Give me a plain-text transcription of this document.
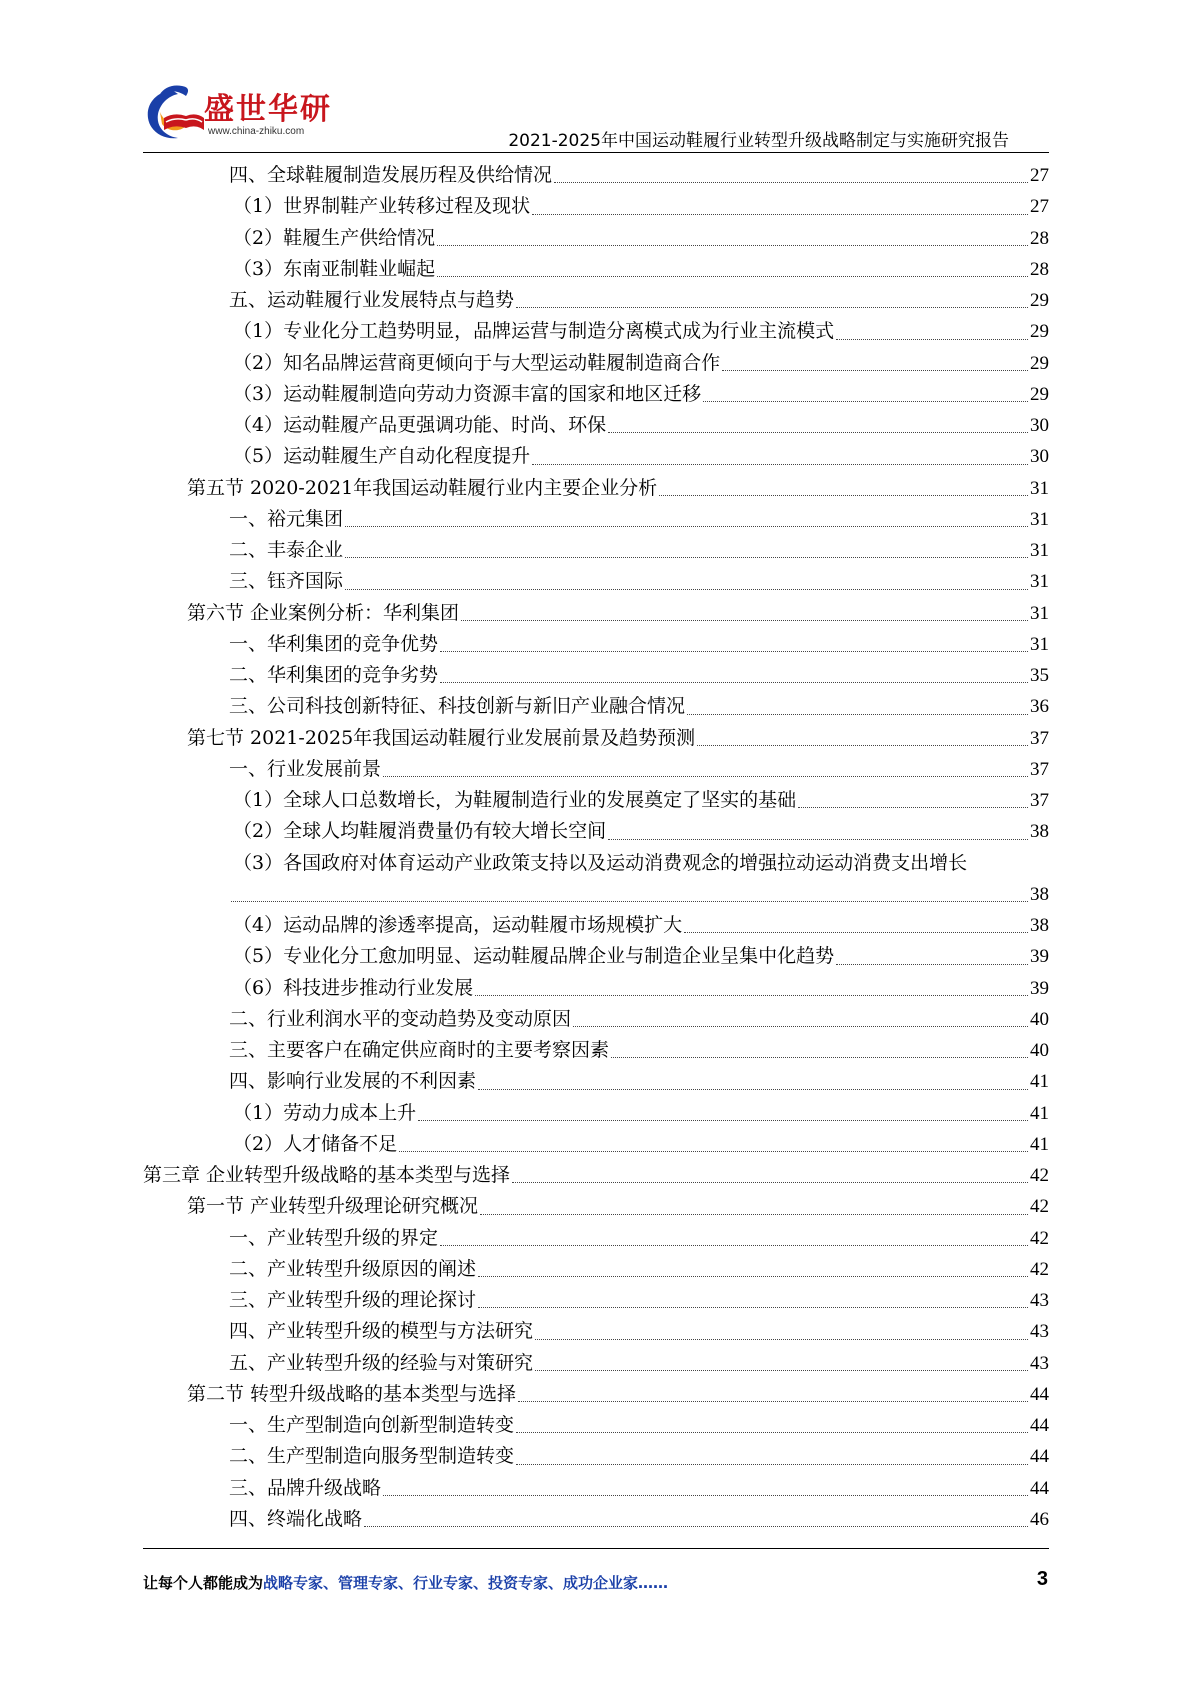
盛世华研
www.china-zhiku.com	2021-2025年中国运动鞋履行业转型升级战略制定与实施研究报告
四、全球鞋履制造发展历程及供给情况	27
（1）世界制鞋产业转移过程及现状	27
（2）鞋履生产供给情况	28
（3）东南亚制鞋业崛起	28
五、运动鞋履行业发展特点与趋势	29
（1）专业化分工趋势明显，品牌运营与制造分离模式成为行业主流模式	29
（2）知名品牌运营商更倾向于与大型运动鞋履制造商合作	29
（3）运动鞋履制造向劳动力资源丰富的国家和地区迁移	29
（4）运动鞋履产品更强调功能、时尚、环保	30
（5）运动鞋履生产自动化程度提升	30
第五节 2020-2021年我国运动鞋履行业内主要企业分析	31
一、裕元集团	31
二、丰泰企业	31
三、钰齐国际	31
第六节 企业案例分析：华利集团	31
一、华利集团的竞争优势	31
二、华利集团的竞争劣势	35
三、公司科技创新特征、科技创新与新旧产业融合情况	36
第七节 2021-2025年我国运动鞋履行业发展前景及趋势预测	37
一、行业发展前景	37
（1）全球人口总数增长，为鞋履制造行业的发展奠定了坚实的基础	37
（2）全球人均鞋履消费量仍有较大增长空间	38
（3）各国政府对体育运动产业政策支持以及运动消费观念的增强拉动运动消费支出增长
38
（4）运动品牌的渗透率提高，运动鞋履市场规模扩大	38
（5）专业化分工愈加明显、运动鞋履品牌企业与制造企业呈集中化趋势	39
（6）科技进步推动行业发展	39
二、行业利润水平的变动趋势及变动原因	40
三、主要客户在确定供应商时的主要考察因素	40
四、影响行业发展的不利因素	41
（1）劳动力成本上升	41
（2）人才储备不足	41
第三章 企业转型升级战略的基本类型与选择	42
第一节 产业转型升级理论研究概况	42
一、产业转型升级的界定	42
二、产业转型升级原因的阐述	42
三、产业转型升级的理论探讨	43
四、产业转型升级的模型与方法研究	43
五、产业转型升级的经验与对策研究	43
第二节 转型升级战略的基本类型与选择	44
一、生产型制造向创新型制造转变	44
二、生产型制造向服务型制造转变	44
三、品牌升级战略	44
四、终端化战略	46
让每个人都能成为战略专家、管理专家、行业专家、投资专家、成功企业家……	3
